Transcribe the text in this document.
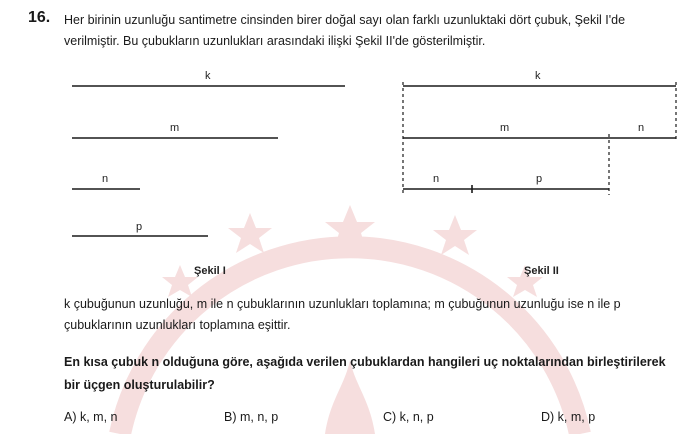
16. Her birinin uzunluğu santimetre cinsinden birer doğal sayı olan farklı uzunluktaki dört çubuk, Şekil I'de verilmiştir. Bu çubukların uzunlukları arasındaki ilişki Şekil II'de gösterilmiştir.
k
m
n
p
Şekil I
k
m	n
n	p
Şekil II
k çubuğunun uzunluğu, m ile n çubuklarının uzunlukları toplamına; m çubuğunun uzunluğu ise n ile p çubuklarının uzunlukları toplamına eşittir.
En kısa çubuk n olduğuna göre, aşağıda verilen çubuklardan hangileri uç noktalarından birleştirilerek bir üçgen oluşturulabilir?
A) k, m, n	B) m, n, p	C) k, n, p	D) k, m, p
